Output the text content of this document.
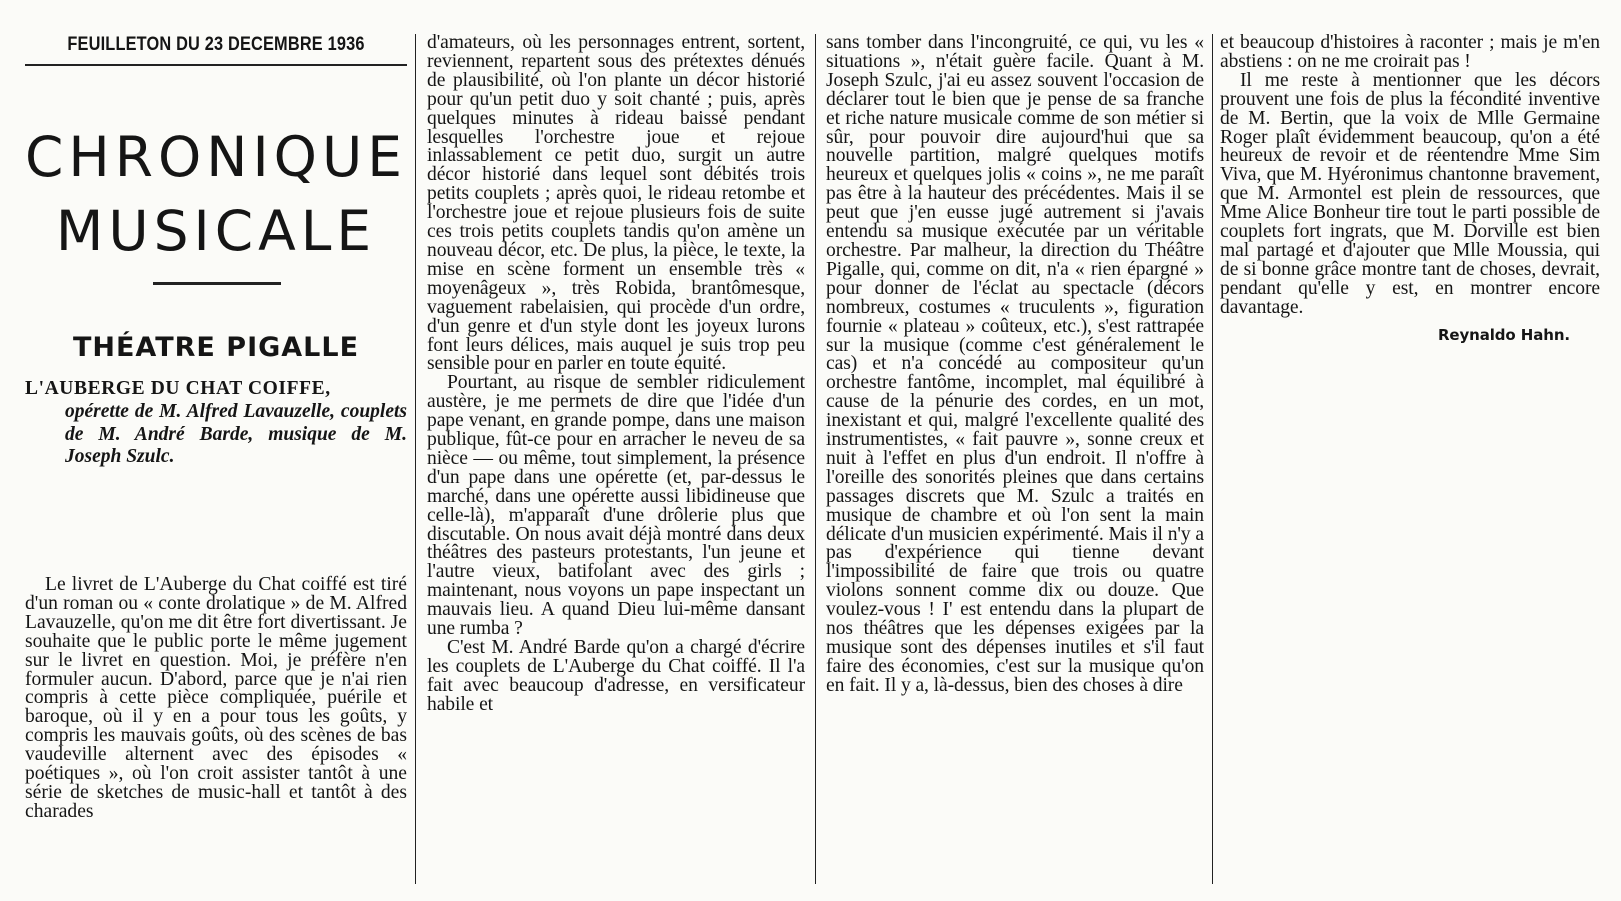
FEUILLETON DU 23 DECEMBRE 1936
CHRONIQUE
MUSICALE
THÉATRE PIGALLE
L'AUBERGE DU CHAT COIFFE,
opérette de M. Alfred Lavauzelle, couplets de M. André Barde, musique de M. Joseph Szulc.

Le livret de L'Auberge du Chat coiffé est tiré d'un roman ou « conte drolatique » de M. Alfred Lavauzelle, qu'on me dit être fort divertissant. Je souhaite que le public porte le même jugement sur le livret en question. Moi, je préfère n'en formuler aucun. D'abord, parce que je n'ai rien compris à cette pièce compliquée, puérile et baroque, où il y en a pour tous les goûts, y compris les mauvais goûts, où des scènes de bas vaudeville alternent avec des épisodes « poétiques », où l'on croit assister tantôt à une série de sketches de music-hall et tantôt à des charades

d'amateurs, où les personnages entrent, sortent, reviennent, repartent sous des prétextes dénués de plausibilité, où l'on plante un décor historié pour qu'un petit duo y soit chanté ; puis, après quelques minutes à rideau baissé pendant lesquelles l'orchestre joue et rejoue inlassablement ce petit duo, surgit un autre décor historié dans lequel sont débités trois petits couplets ; après quoi, le rideau retombe et l'orchestre joue et rejoue plusieurs fois de suite ces trois petits couplets tandis qu'on amène un nouveau décor, etc. De plus, la pièce, le texte, la mise en scène forment un ensemble très « moyenâgeux », très Robida, brantômesque, vaguement rabelaisien, qui procède d'un ordre, d'un genre et d'un style dont les joyeux lurons font leurs délices, mais auquel je suis trop peu sensible pour en parler en toute équité.

Pourtant, au risque de sembler ridiculement austère, je me permets de dire que l'idée d'un pape venant, en grande pompe, dans une maison publique, fût-ce pour en arracher le neveu de sa nièce — ou même, tout simplement, la présence d'un pape dans une opérette (et, par-dessus le marché, dans une opérette aussi libidineuse que celle-là), m'apparaît d'une drôlerie plus que discutable. On nous avait déjà montré dans deux théâtres des pasteurs protestants, l'un jeune et l'autre vieux, batifolant avec des girls ; maintenant, nous voyons un pape inspectant un mauvais lieu. A quand Dieu lui-même dansant une rumba ?

C'est M. André Barde qu'on a chargé d'écrire les couplets de L'Auberge du Chat coiffé. Il l'a fait avec beaucoup d'adresse, en versificateur habile et

sans tomber dans l'incongruité, ce qui, vu les « situations », n'était guère facile. Quant à M. Joseph Szulc, j'ai eu assez souvent l'occasion de déclarer tout le bien que je pense de sa franche et riche nature musicale comme de son métier si sûr, pour pouvoir dire aujourd'hui que sa nouvelle partition, malgré quelques motifs heureux et quelques jolis « coins », ne me paraît pas être à la hauteur des précédentes. Mais il se peut que j'en eusse jugé autrement si j'avais entendu sa musique exécutée par un véritable orchestre. Par malheur, la direction du Théâtre Pigalle, qui, comme on dit, n'a « rien épargné » pour donner de l'éclat au spectacle (décors nombreux, costumes « truculents », figuration fournie « plateau » coûteux, etc.), s'est rattrapée sur la musique (comme c'est généralement le cas) et n'a concédé au compositeur qu'un orchestre fantôme, incomplet, mal équilibré à cause de la pénurie des cordes, en un mot, inexistant et qui, malgré l'excellente qualité des instrumentistes, « fait pauvre », sonne creux et nuit à l'effet en plus d'un endroit. Il n'offre à l'oreille des sonorités pleines que dans certains passages discrets que M. Szulc a traités en musique de chambre et où l'on sent la main délicate d'un musicien expérimenté. Mais il n'y a pas d'expérience qui tienne devant l'impossibilité de faire que trois ou quatre violons sonnent comme dix ou douze. Que voulez-vous ! I' est entendu dans la plupart de nos théâtres que les dépenses exigées par la musique sont des dépenses inutiles et s'il faut faire des économies, c'est sur la musique qu'on en fait. Il y a, là-dessus, bien des choses à dire

et beaucoup d'histoires à raconter ; mais je m'en abstiens : on ne me croirait pas !

Il me reste à mentionner que les décors prouvent une fois de plus la fécondité inventive de M. Bertin, que la voix de Mlle Germaine Roger plaît évidemment beaucoup, qu'on a été heureux de revoir et de réentendre Mme Sim Viva, que M. Hyéronimus chantonne bravement, que M. Armontel est plein de ressources, que Mme Alice Bonheur tire tout le parti possible de couplets fort ingrats, que M. Dorville est bien mal partagé et d'ajouter que Mlle Moussia, qui de si bonne grâce montre tant de choses, devrait, pendant qu'elle y est, en montrer encore davantage.

Reynaldo Hahn.
